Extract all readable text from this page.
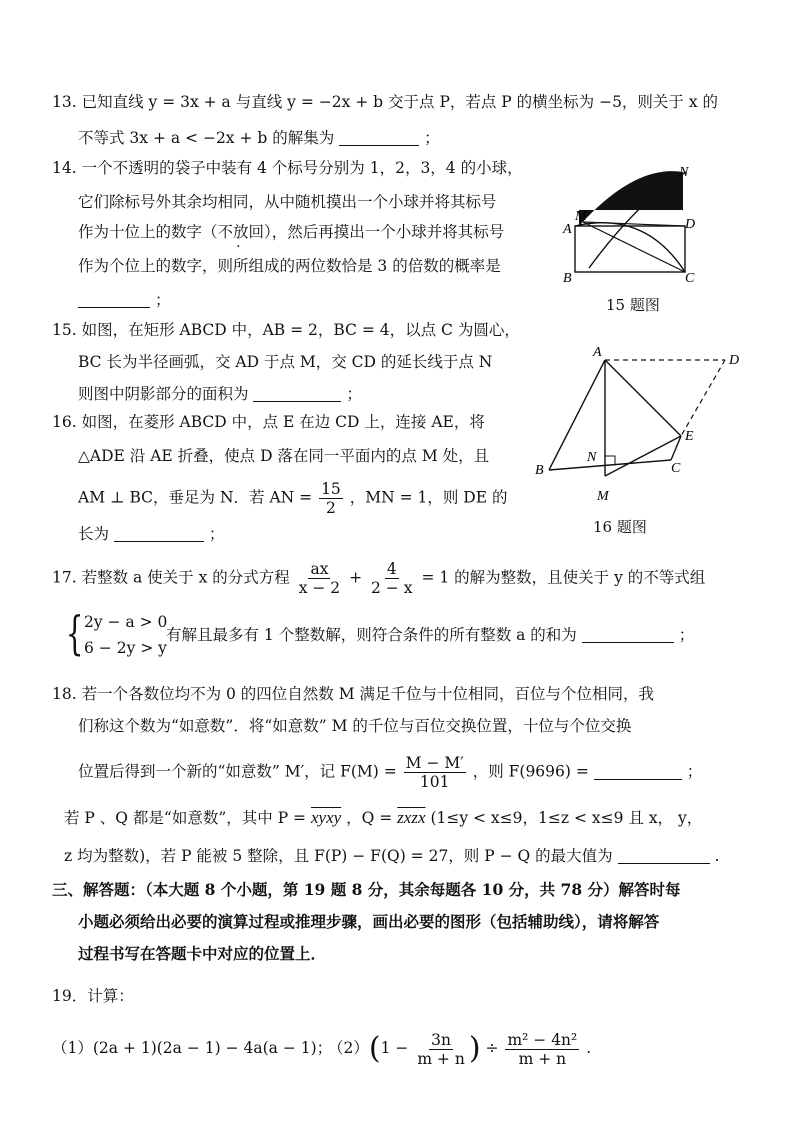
13. 已知直线 y = 3x + a 与直线 y = −2x + b 交于点 P，若点 P 的横坐标为 −5，则关于 x 的
不等式 3x + a < −2x + b 的解集为	；
14. 一个不透明的袋子中装有 4 个标号分别为 1，2，3，4 的小球，
它们除标号外其余均相同，从中随机摸出一个小球并将其标号
作为十位上的数字（不放回），然后再摸出一个小球并将其标号
作为个位上的数字，则所组成的两位数恰是 3 的倍数的概率是
；
A
B	C
D
M
N
15 题图
15. 如图，在矩形 ABCD 中，AB = 2，BC = 4，以点 C 为圆心，
BC 长为半径画弧，交 AD 于点 M，交 CD 的延长线于点 N
则图中阴影部分的面积为	；
A
B	C
D
E
M
N
16 题图
16. 如图，在菱形 ABCD 中，点 E 在边 CD 上，连接 AE，将
△ADE 沿 AE 折叠，使点 D 落在同一平面内的点 M 处，且
AM ⊥ BC，垂足为 N．若 AN = $\frac{15}{2}$ ，MN = 1，则 DE 的
长为	；
17. 若整数 a 使关于 x 的分式方程 $\frac{ax}{x - 2} + \frac{4}{2 - x} = 1$ 的解为整数，且使关于 y 的不等式组
{ 2y − a > 0
6 − 2y > y
有解且最多有 1 个整数解，则符合条件的所有整数 a 的和为	；
18. 若一个各数位均不为 0 的四位自然数 M 满足千位与十位相同，百位与个位相同，我
们称这个数为“如意数”．将“如意数” M 的千位与百位交换位置，十位与个位交换
位置后得到一个新的“如意数” M′，记 $F(M) = \frac{M - M'}{101}$ ，则 F(9696) =	；
若 P 、Q 都是“如意数”，其中 P = xyxy ，Q = zxzx (1≤y < x≤9，1≤z < x≤9 且 x， y，
z 均为整数)，若 P 能被 5 整除，且 F(P) − F(Q) = 27，则 P − Q 的最大值为	.
三、解答题：（本大题 8 个小题，第 19 题 8 分，其余每题各 10 分，共 78 分）解答时每
小题必须给出必要的演算过程或推理步骤，画出必要的图形（包括辅助线），请将解答
过程书写在答题卡中对应的位置上．
19．计算：
（1）(2a + 1)(2a − 1) − 4a(a − 1)；
$(2)(1 - \frac{3n}{m + n}$ ) ÷ $\frac{\text{m² − 4n²}}{m + n}$ .
